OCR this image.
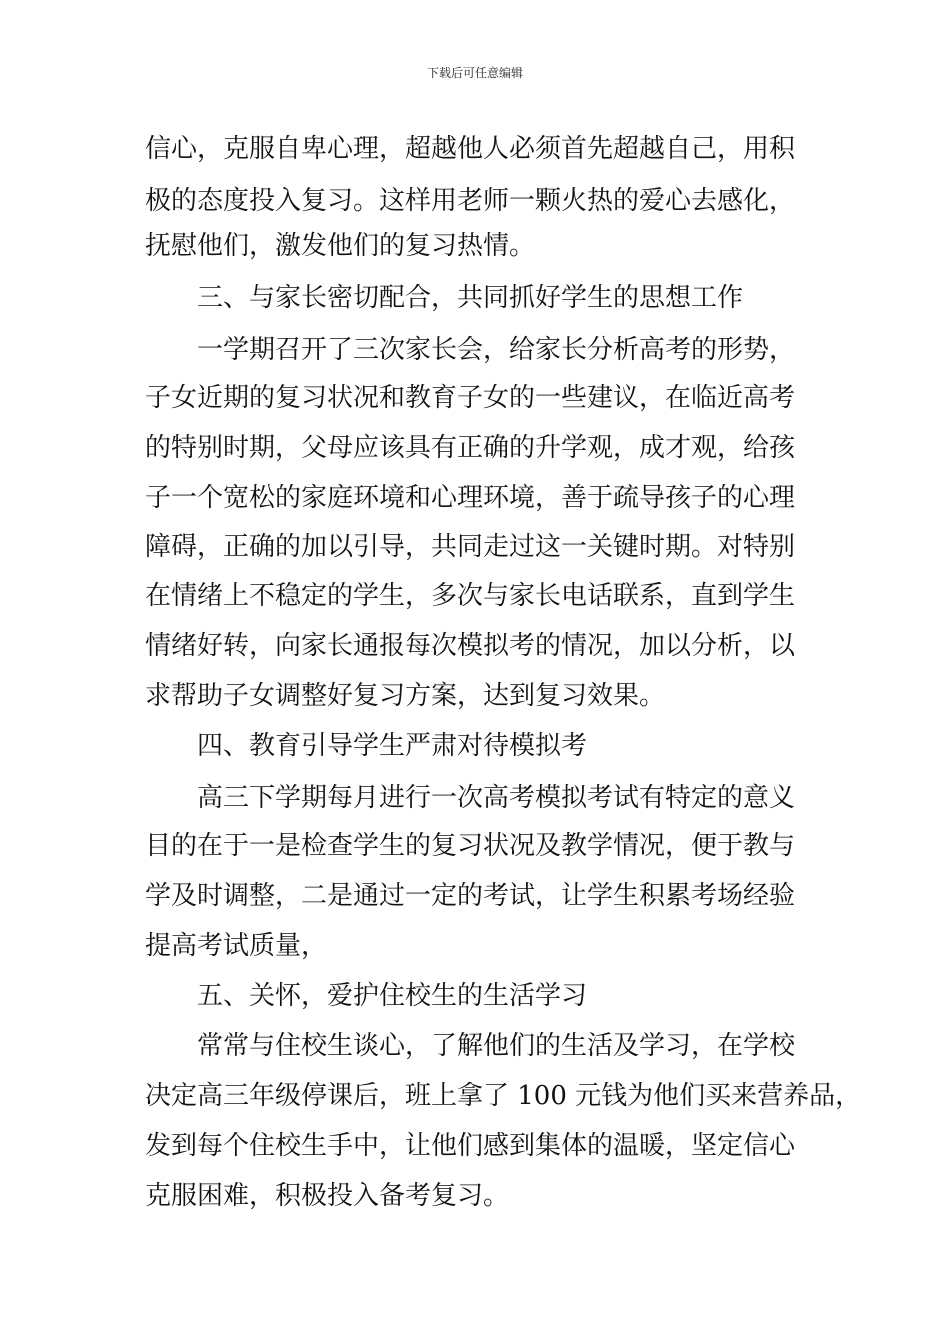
下载后可任意编辑
信心，克服自卑心理，超越他人必须首先超越自己，用积
极的态度投入复习。这样用老师一颗火热的爱心去感化，
抚慰他们，激发他们的复习热情。
三、与家长密切配合，共同抓好学生的思想工作
一学期召开了三次家长会，给家长分析高考的形势，
子女近期的复习状况和教育子女的一些建议，在临近高考
的特别时期，父母应该具有正确的升学观，成才观，给孩
子一个宽松的家庭环境和心理环境，善于疏导孩子的心理
障碍，正确的加以引导，共同走过这一关键时期。对特别
在情绪上不稳定的学生，多次与家长电话联系，直到学生
情绪好转，向家长通报每次模拟考的情况，加以分析，以
求帮助子女调整好复习方案，达到复习效果。
四、教育引导学生严肃对待模拟考
高三下学期每月进行一次高考模拟考试有特定的意义
目的在于一是检查学生的复习状况及教学情况，便于教与
学及时调整，二是通过一定的考试，让学生积累考场经验
提高考试质量，
五、关怀，爱护住校生的生活学习
常常与住校生谈心，了解他们的生活及学习，在学校
决定高三年级停课后，班上拿了 100 元钱为他们买来营养品，
发到每个住校生手中，让他们感到集体的温暖，坚定信心
克服困难，积极投入备考复习。
